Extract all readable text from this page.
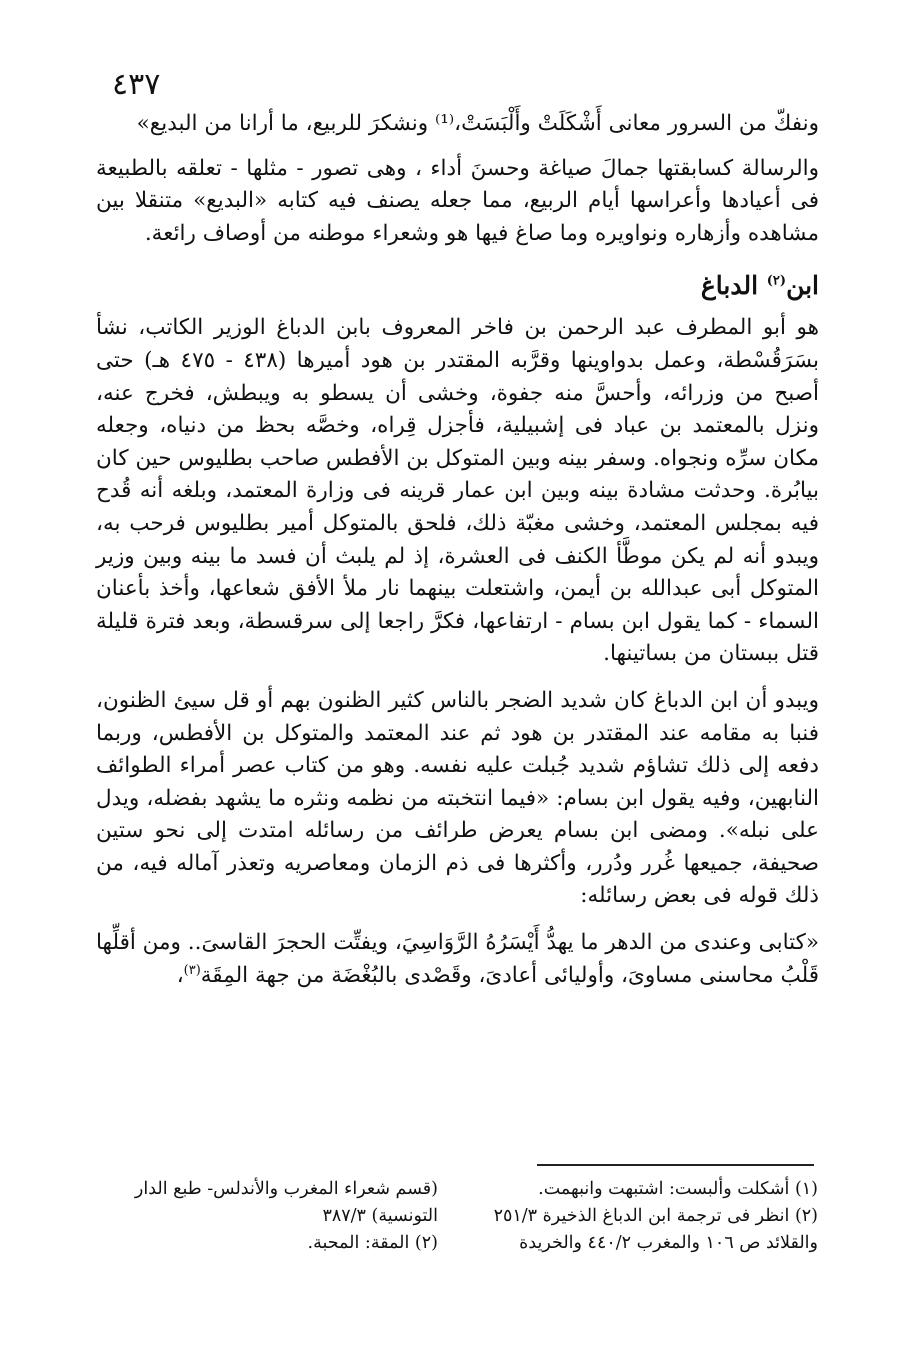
٤٣٧

ونفكّ من السرور معانى أَشْكَلَتْ وأَلْبَسَتْ،⁽¹⁾ ونشكرَ للربيع، ما أرانا من البديع»

والرسالة كسابقتها جمالَ صياغة وحسنَ أداء ، وهى تصور - مثلها - تعلقه بالطبيعة فى أعيادها وأعراسها أيام الربيع، مما جعله يصنف فيه كتابه «البديع» متنقلا بين مشاهده وأزهاره ونواويره وما صاغ فيها هو وشعراء موطنه من أوصاف رائعة.

ابن$^{(٢)}$ الدباغ

هو أبو المطرف عبد الرحمن بن فاخر المعروف بابن الدباغ الوزير الكاتب، نشأ بسَرَقُسْطة، وعمل بدواوينها وقرَّبه المقتدر بن هود أميرها (٤٣٨ - ٤٧٥ هـ) حتى أصبح من وزرائه، وأحسَّ منه جفوة، وخشى أن يسطو به ويبطش، فخرج عنه، ونزل بالمعتمد بن عباد فى إشبيلية، فأجزل قِراه، وخصَّه بحظ من دنياه، وجعله مكان سرِّه ونجواه. وسفر بينه وبين المتوكل بن الأفطس صاحب بطليوس حين كان بيابُرة. وحدثت مشادة بينه وبين ابن عمار قرينه فى وزارة المعتمد، وبلغه أنه قُدح فيه بمجلس المعتمد، وخشى مغبّة ذلك، فلحق بالمتوكل أمير بطليوس فرحب به، ويبدو أنه لم يكن موطَّأ الكنف فى العشرة، إذ لم يلبث أن فسد ما بينه وبين وزير المتوكل أبى عبدالله بن أيمن، واشتعلت بينهما نار ملأ الأفق شعاعها، وأخذ بأعنان السماء - كما يقول ابن بسام - ارتفاعها، فكرَّ راجعا إلى سرقسطة، وبعد فترة قليلة قتل ببستان من بساتينها.

ويبدو أن ابن الدباغ كان شديد الضجر بالناس كثير الظنون بهم أو قل سيئ الظنون، فنبا به مقامه عند المقتدر بن هود ثم عند المعتمد والمتوكل بن الأفطس، وربما دفعه إلى ذلك تشاؤم شديد جُبلت عليه نفسه. وهو من كتاب عصر أمراء الطوائف النابهين، وفيه يقول ابن بسام: «فيما انتخبته من نظمه ونثره ما يشهد بفضله، ويدل على نبله». ومضى ابن بسام يعرض طرائف من رسائله امتدت إلى نحو ستين صحيفة، جميعها غُرر ودُرر، وأكثرها فى ذم الزمان ومعاصريه وتعذر آماله فيه، من ذلك قوله فى بعض رسائله:

«كتابى وعندى من الدهر ما يهدُّ أَيْسَرُهُ الرَّوَاسِيَ، ويفتِّت الحجرَ القاسىَ.. ومن أقلِّها قَلْبُ محاسنى مساوىَ، وأوليائى أعادىَ، وقَصْدى بالبُغْضَة من جهة المِقَة$^{(٣)}$،

(١) أشكلت وألبست: اشتبهت وانبهمت.

(٢) انظر فى ترجمة ابن الدباغ الذخيرة ٢٥١/٣

والقلائد ص ١٠٦ والمغرب ٤٤٠/٢ والخريدة

(قسم شعراء المغرب والأندلس- طبع الدار

التونسية) ٣٨٧/٣

(٢) المقة: المحبة.
